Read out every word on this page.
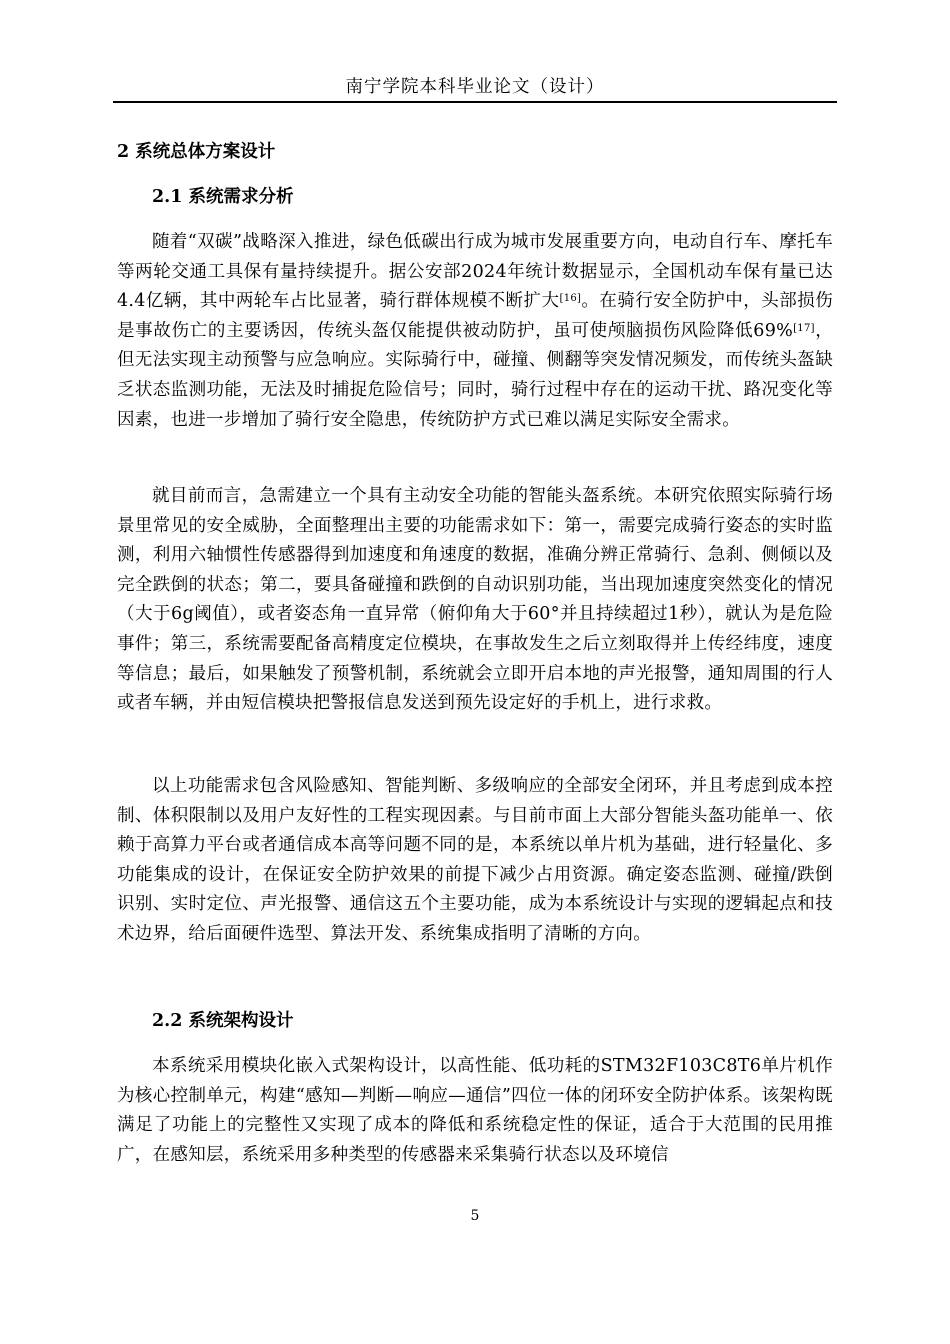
南宁学院本科毕业论文（设计）
2 系统总体方案设计
2.1 系统需求分析
随着“双碳”战略深入推进，绿色低碳出行成为城市发展重要方向，电动自行车、摩托车等两轮交通工具保有量持续提升。据公安部2024年统计数据显示，全国机动车保有量已达4.4亿辆，其中两轮车占比显著，骑行群体规模不断扩大[16]。在骑行安全防护中，头部损伤是事故伤亡的主要诱因，传统头盔仅能提供被动防护，虽可使颅脑损伤风险降低69%[17]，但无法实现主动预警与应急响应。实际骑行中，碰撞、侧翻等突发情况频发，而传统头盔缺乏状态监测功能，无法及时捕捉危险信号；同时，骑行过程中存在的运动干扰、路况变化等因素，也进一步增加了骑行安全隐患，传统防护方式已难以满足实际安全需求。
就目前而言，急需建立一个具有主动安全功能的智能头盔系统。本研究依照实际骑行场景里常见的安全威胁，全面整理出主要的功能需求如下：第一，需要完成骑行姿态的实时监测，利用六轴惯性传感器得到加速度和角速度的数据，准确分辨正常骑行、急刹、侧倾以及完全跌倒的状态；第二，要具备碰撞和跌倒的自动识别功能，当出现加速度突然变化的情况（大于6g阈值），或者姿态角一直异常（俯仰角大于60°并且持续超过1秒），就认为是危险事件；第三，系统需要配备高精度定位模块，在事故发生之后立刻取得并上传经纬度，速度等信息；最后，如果触发了预警机制，系统就会立即开启本地的声光报警，通知周围的行人或者车辆，并由短信模块把警报信息发送到预先设定好的手机上，进行求救。
以上功能需求包含风险感知、智能判断、多级响应的全部安全闭环，并且考虑到成本控制、体积限制以及用户友好性的工程实现因素。与目前市面上大部分智能头盔功能单一、依赖于高算力平台或者通信成本高等问题不同的是，本系统以单片机为基础，进行轻量化、多功能集成的设计，在保证安全防护效果的前提下减少占用资源。确定姿态监测、碰撞/跌倒识别、实时定位、声光报警、通信这五个主要功能，成为本系统设计与实现的逻辑起点和技术边界，给后面硬件选型、算法开发、系统集成指明了清晰的方向。
2.2 系统架构设计
本系统采用模块化嵌入式架构设计，以高性能、低功耗的STM32F103C8T6单片机作为核心控制单元，构建“感知—判断—响应—通信”四位一体的闭环安全防护体系。该架构既满足了功能上的完整性又实现了成本的降低和系统稳定性的保证，适合于大范围的民用推广，在感知层，系统采用多种类型的传感器来采集骑行状态以及环境信
5
